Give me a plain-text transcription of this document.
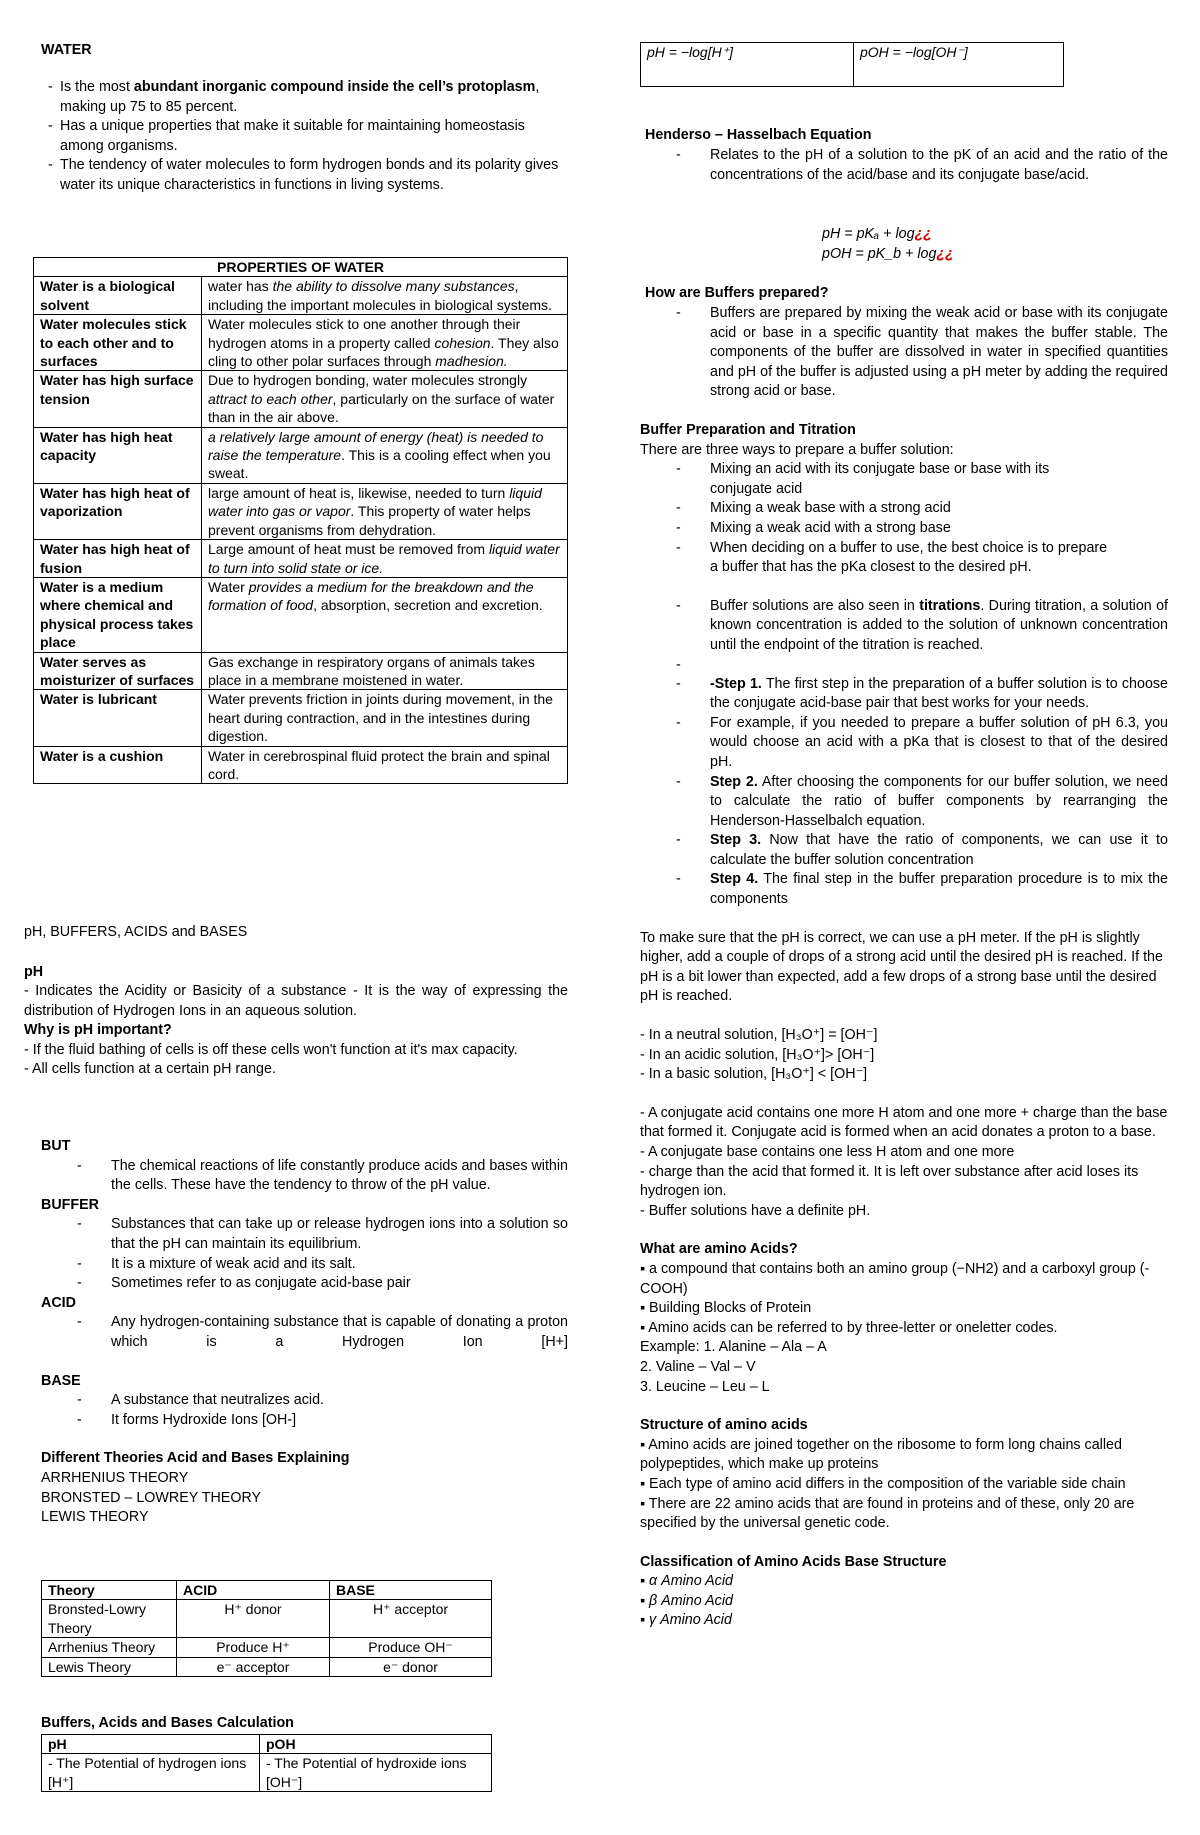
WATER

- Is the most abundant inorganic compound inside the cell’s protoplasm, making up 75 to 85 percent.

- Has a unique properties that make it suitable for maintaining homeostasis among organisms.

- The tendency of water molecules to form hydrogen bonds and its polarity gives water its unique characteristics in functions in living systems.

PROPERTIES OF WATER	
Water is a biological solvent	water has the ability to dissolve many substances, including the important molecules in biological systems.
Water molecules stick to each other and to surfaces	Water molecules stick to one another through their hydrogen atoms in a property called cohesion. They also cling to other polar surfaces through madhesion.
Water has high surface tension	Due to hydrogen bonding, water molecules strongly attract to each other, particularly on the surface of water than in the air above.
Water has high heat capacity	a relatively large amount of energy (heat) is needed to raise the temperature. This is a cooling effect when you sweat.
Water has high heat of vaporization	large amount of heat is, likewise, needed to turn liquid water into gas or vapor. This property of water helps prevent organisms from dehydration.
Water has high heat of fusion	Large amount of heat must be removed from liquid water to turn into solid state or ice.
Water is a medium where chemical and physical process takes place	Water provides a medium for the breakdown and the formation of food, absorption, secretion and excretion.
Water serves as moisturizer of surfaces	Gas exchange in respiratory organs of animals takes place in a membrane moistened in water.
Water is lubricant	Water prevents friction in joints during movement, in the heart during contraction, and in the intestines during digestion.
Water is a cushion	Water in cerebrospinal fluid protect the brain and spinal cord.

pH, BUFFERS, ACIDS and BASES

pH

- Indicates the Acidity or Basicity of a substance - It is the way of expressing the distribution of Hydrogen Ions in an aqueous solution.

Why is pH important?

- If the fluid bathing of cells is off these cells won't function at it's max capacity.

- All cells function at a certain pH range.

BUT

- The chemical reactions of life constantly produce acids and bases within the cells. These have the tendency to throw of the pH value.

BUFFER

- Substances that can take up or release hydrogen ions into a solution so that the pH can maintain its equilibrium.

- It is a mixture of weak acid and its salt.

- Sometimes refer to as conjugate acid-base pair

ACID

- Any hydrogen-containing substance that is capable of donating a proton which is a Hydrogen Ion [H+]

BASE

- A substance that neutralizes acid.

- It forms Hydroxide Ions [OH-]

Different Theories Acid and Bases Explaining

ARRHENIUS THEORY

BRONSTED – LOWREY THEORY

LEWIS THEORY

Theory	ACID	BASE
Bronsted-Lowry Theory	H⁺ donor	H⁺ acceptor
Arrhenius Theory	Produce H⁺	Produce OH⁻
Lewis Theory	e⁻ acceptor	e⁻ donor

Buffers, Acids and Bases Calculation

pH	pOH
- The Potential of hydrogen ions [H⁺]	- The Potential of hydroxide ions [OH⁻]
pH = −log[H⁺]	pOH = −log[OH⁻]

Henderso – Hasselbach Equation

- Relates to the pH of a solution to the pK of an acid and the ratio of the concentrations of the acid/base and its conjugate base/acid.

pH = pKₐ + log¿¿

pOH = pK_b + log¿¿

How are Buffers prepared?

- Buffers are prepared by mixing the weak acid or base with its conjugate acid or base in a specific quantity that makes the buffer stable. The components of the buffer are dissolved in water in specified quantities and pH of the buffer is adjusted using a pH meter by adding the required strong acid or base.

Buffer Preparation and Titration

There are three ways to prepare a buffer solution:

- Mixing an acid with its conjugate base or base with its conjugate acid

- Mixing a weak base with a strong acid

- Mixing a weak acid with a strong base

- When deciding on a buffer to use, the best choice is to prepare a buffer that has the pKa closest to the desired pH.

- Buffer solutions are also seen in titrations. During titration, a solution of known concentration is added to the solution of unknown concentration until the endpoint of the titration is reached.

-

- -Step 1. The first step in the preparation of a buffer solution is to choose the conjugate acid-base pair that best works for your needs.

- For example, if you needed to prepare a buffer solution of pH 6.3, you would choose an acid with a pKa that is closest to that of the desired pH.

- Step 2. After choosing the components for our buffer solution, we need to calculate the ratio of buffer components by rearranging the Henderson-Hasselbalch equation.

- Step 3. Now that have the ratio of components, we can use it to calculate the buffer solution concentration

- Step 4. The final step in the buffer preparation procedure is to mix the components

To make sure that the pH is correct, we can use a pH meter. If the pH is slightly higher, add a couple of drops of a strong acid until the desired pH is reached. If the pH is a bit lower than expected, add a few drops of a strong base until the desired pH is reached.

- In a neutral solution, [H₃O⁺] = [OH⁻]

- In an acidic solution, [H₃O⁺]> [OH⁻]

- In a basic solution, [H₃O⁺] < [OH⁻]

- A conjugate acid contains one more H atom and one more + charge than the base that formed it. Conjugate acid is formed when an acid donates a proton to a base.

- A conjugate base contains one less H atom and one more

- charge than the acid that formed it. It is left over substance after acid loses its hydrogen ion.

- Buffer solutions have a definite pH.

What are amino Acids?

▪ a compound that contains both an amino group (−NH2) and a carboxyl group (-COOH)

▪ Building Blocks of Protein

▪ Amino acids can be referred to by three-letter or oneletter codes.

Example: 1. Alanine – Ala – A

2. Valine – Val – V

3. Leucine – Leu – L

Structure of amino acids

▪ Amino acids are joined together on the ribosome to form long chains called polypeptides, which make up proteins

▪ Each type of amino acid differs in the composition of the variable side chain

▪ There are 22 amino acids that are found in proteins and of these, only 20 are specified by the universal genetic code.

Classification of Amino Acids Base Structure

▪ α Amino Acid

▪ β Amino Acid

▪ γ Amino Acid
